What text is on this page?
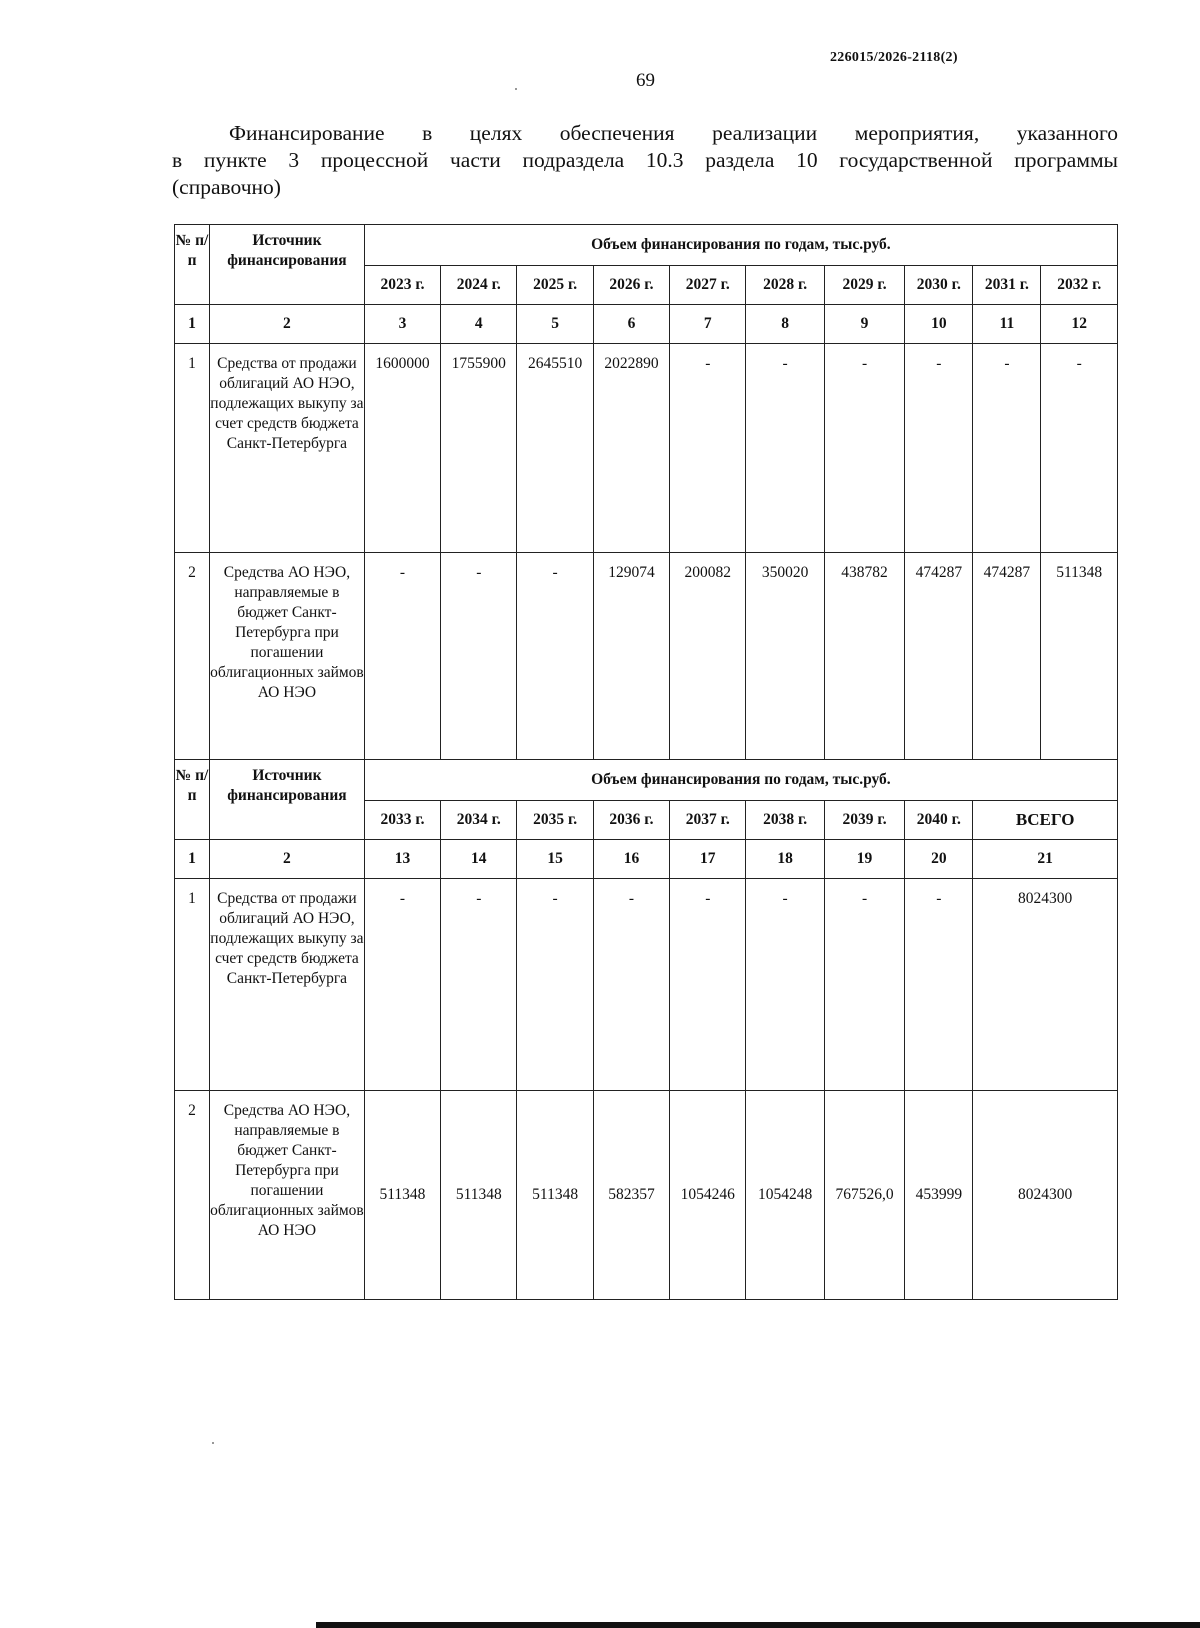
226015/2026-2118(2)
69
Финансирование в целях обеспечения реализации мероприятия, указанного
в пункте 3 процессной части подраздела 10.3 раздела 10 государственной программы
(справочно)
№ п/п	Источник финансирования	Объем финансирования по годам, тыс.руб.									
		2023 г.	2024 г.	2025 г.	2026 г.	2027 г.	2028 г.	2029 г.	2030 г.	2031 г.	2032 г.
1	2	3	4	5	6	7	8	9	10	11	12
1	Средства от продажи облигаций АО НЭО, подлежащих выкупу за счет средств бюджета Санкт-Петербурга	1600000	1755900	2645510	2022890	-	-	-	-	-	-
2	Средства АО НЭО, направляемые в бюджет Санкт-Петербурга при погашении облигационных займов АО НЭО	-	-	-	129074	200082	350020	438782	474287	474287	511348
№ п/п	Источник финансирования	Объем финансирования по годам, тыс.руб.									
		2033 г.	2034 г.	2035 г.	2036 г.	2037 г.	2038 г.	2039 г.	2040 г.	ВСЕГО	
1	2	13	14	15	16	17	18	19	20	21	
1	Средства от продажи облигаций АО НЭО, подлежащих выкупу за счет средств бюджета Санкт-Петербурга	-	-	-	-	-	-	-	-	8024300	
2	Средства АО НЭО, направляемые в бюджет Санкт-Петербурга при погашении облигационных займов АО НЭО	511348	511348	511348	582357	1054246	1054248	767526,0	453999	8024300	
